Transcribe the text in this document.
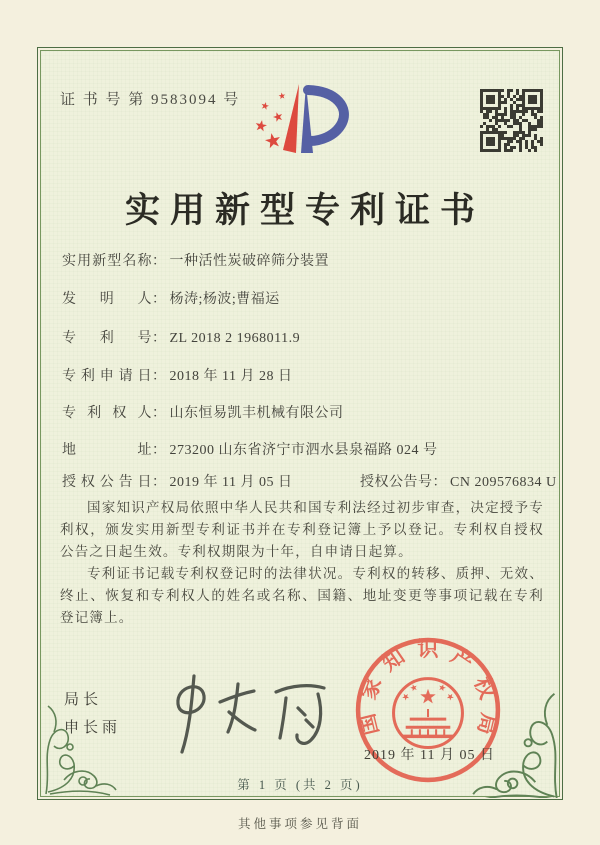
证 书 号 第 9583094 号
实用新型专利证书
实用新型名称： 一种活性炭破碎筛分装置
发 明 人： 杨涛;杨波;曹福运
专 利 号： ZL 2018 2 1968011.9
专利申请日： 2018 年 11 月 28 日
专 利 权 人： 山东恒易凯丰机械有限公司
地 址： 273200 山东省济宁市泗水县泉福路 024 号
授权公告日： 2019 年 11 月 05 日	授权公告号： CN 209576834 U

国家知识产权局依照中华人民共和国专利法经过初步审查，决定授予专利权，颁发实用新型专利证书并在专利登记簿上予以登记。专利权自授权公告之日起生效。专利权期限为十年，自申请日起算。

专利证书记载专利权登记时的法律状况。专利权的转移、质押、无效、终止、恢复和专利权人的姓名或名称、国籍、地址变更等事项记载在专利登记簿上。

局长
申长雨	国家知识产权局
2019 年 11 月 05 日
第 1 页 (共 2 页)
其他事项参见背面
